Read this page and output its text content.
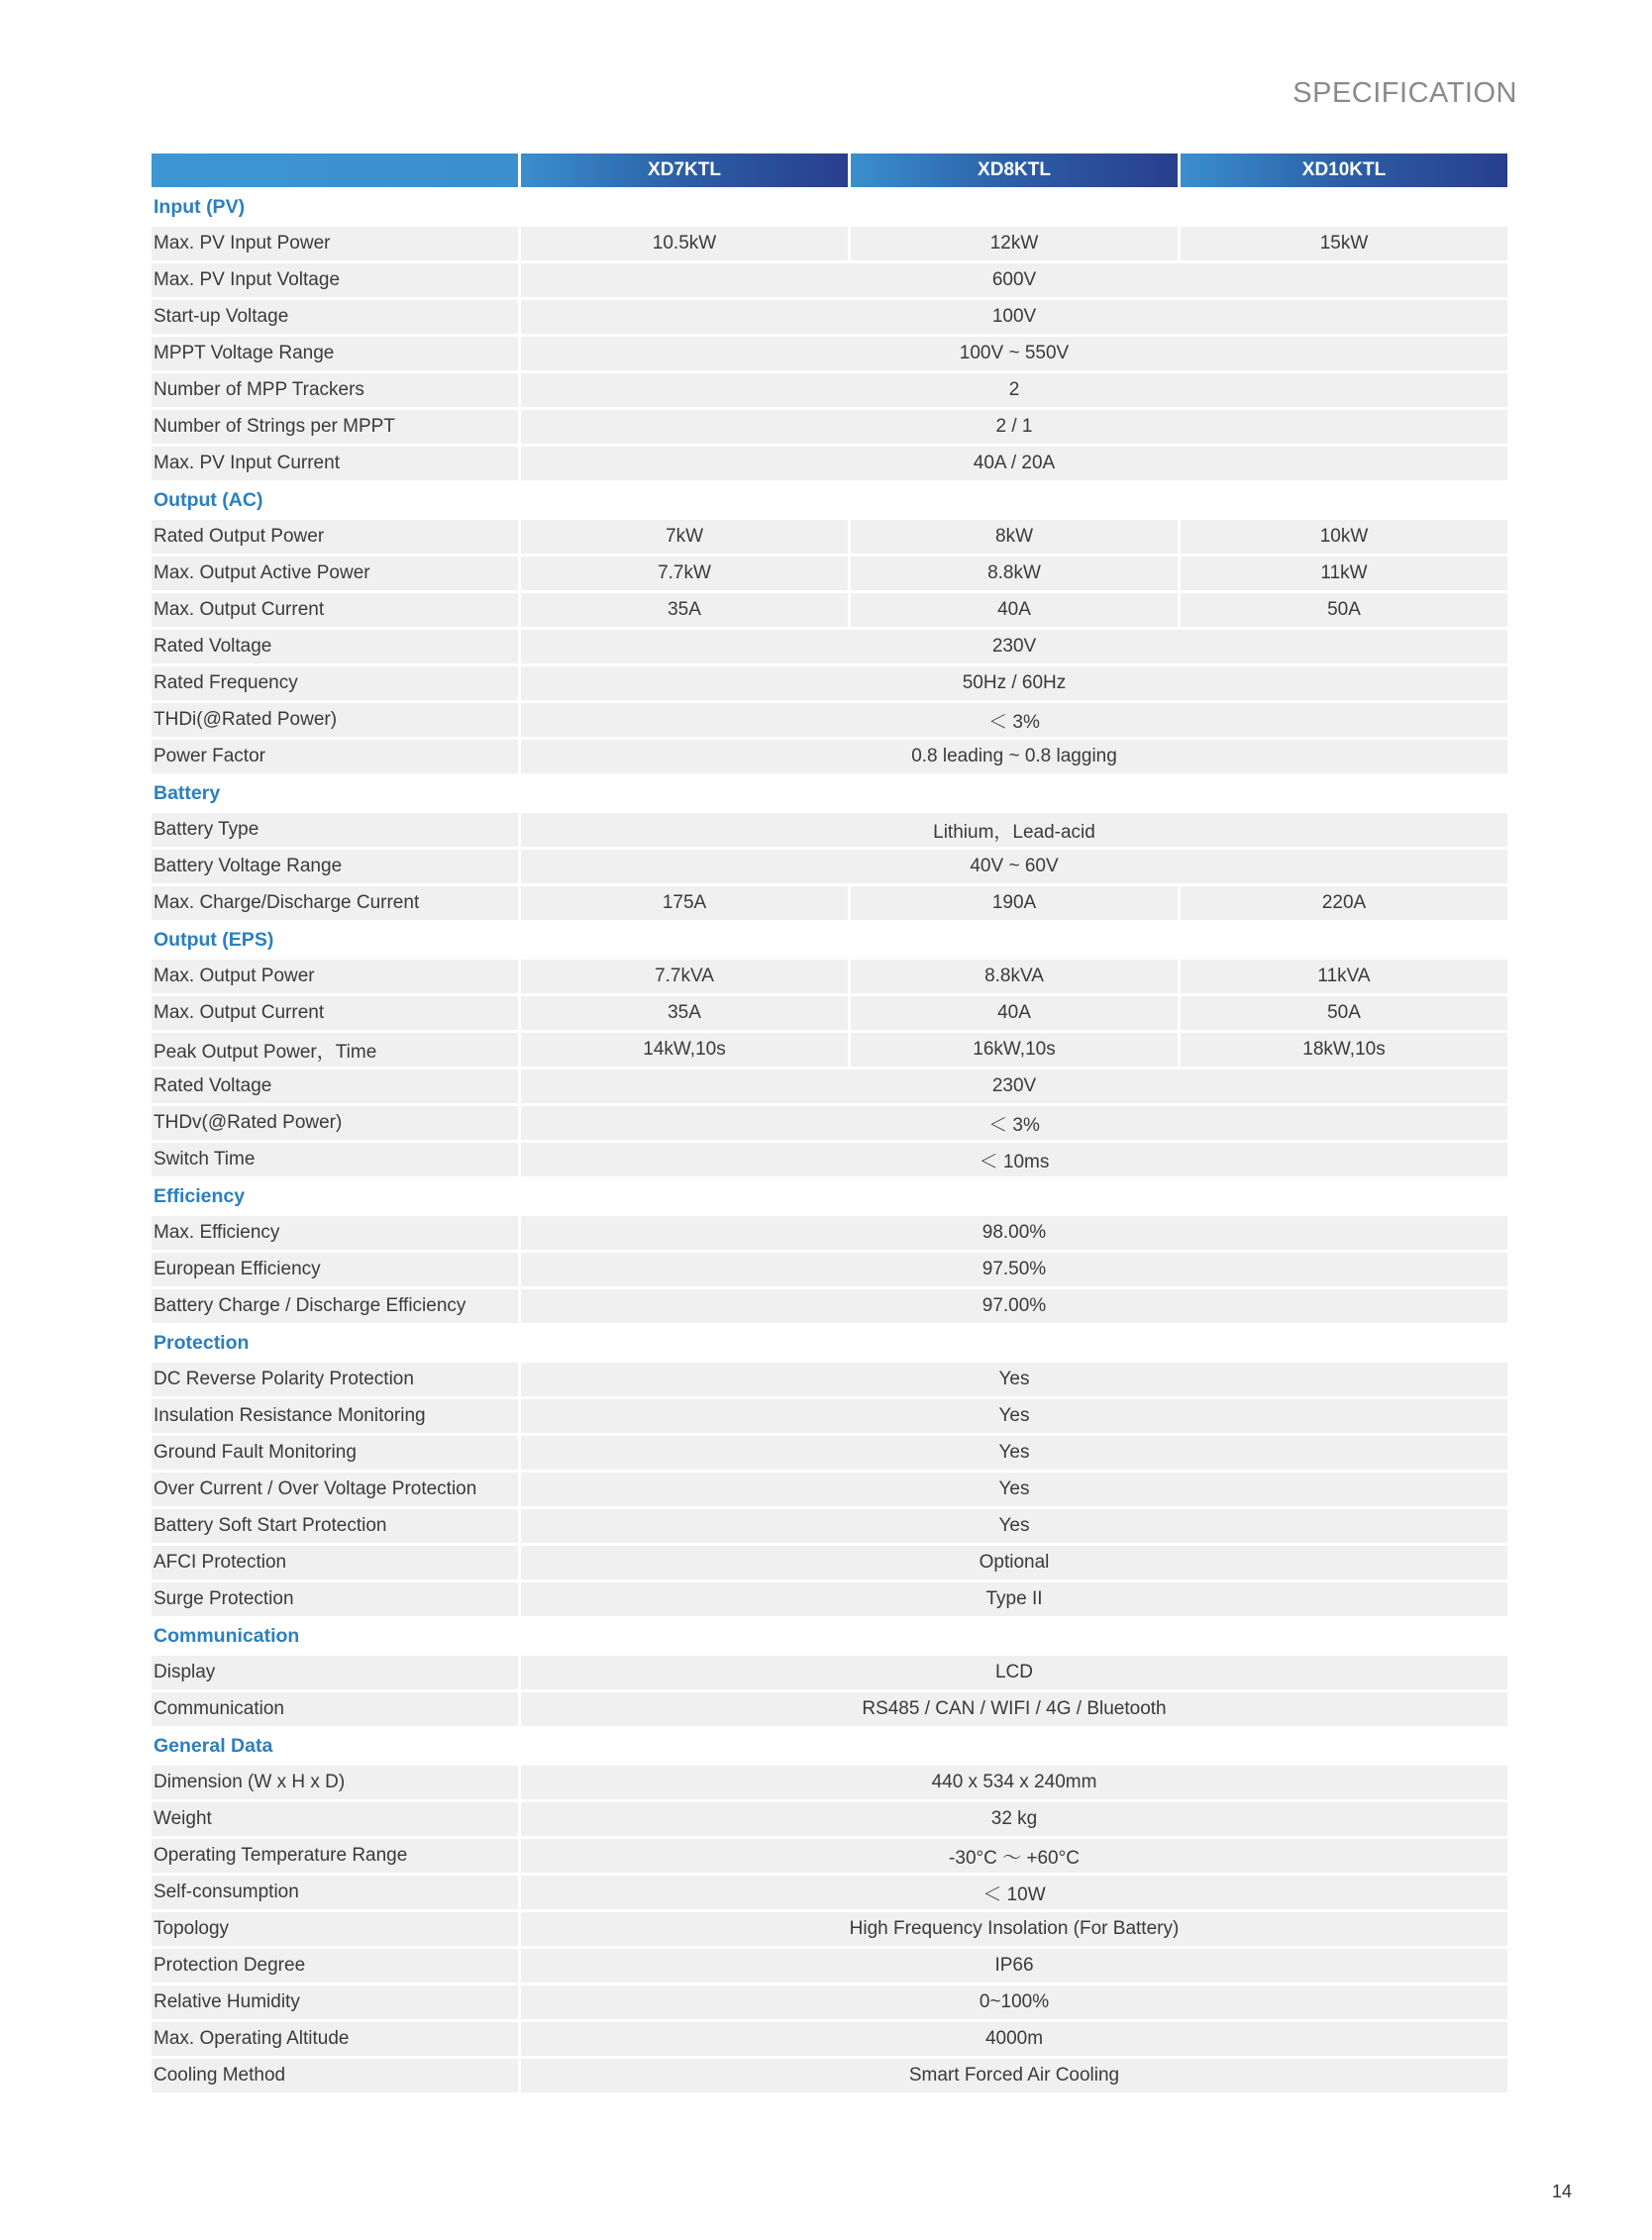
SPECIFICATION
	XD7KTL	XD8KTL	XD10KTL
Input (PV)			
Max. PV Input Power	10.5kW	12kW	15kW
Max. PV Input Voltage	600V		
Start-up Voltage	100V		
MPPT Voltage Range	100V ~ 550V		
Number of MPP Trackers	2		
Number of Strings per MPPT	2 / 1		
Max. PV Input Current	40A / 20A		
Output (AC)			
Rated Output Power	7kW	8kW	10kW
Max. Output Active Power	7.7kW	8.8kW	11kW
Max. Output Current	35A	40A	50A
Rated Voltage	230V		
Rated Frequency	50Hz / 60Hz		
THDi(@Rated Power)	＜ 3%		
Power Factor	0.8 leading ~ 0.8 lagging		
Battery			
Battery Type	Lithium，Lead-acid		
Battery Voltage Range	40V ~ 60V		
Max. Charge/Discharge Current	175A	190A	220A
Output (EPS)			
Max. Output Power	7.7kVA	8.8kVA	11kVA
Max. Output Current	35A	40A	50A
Peak Output Power，Time	14kW,10s	16kW,10s	18kW,10s
Rated Voltage	230V		
THDv(@Rated Power)	＜ 3%		
Switch Time	＜ 10ms		
Efficiency			
Max. Efficiency	98.00%		
European Efficiency	97.50%		
Battery Charge / Discharge Efficiency	97.00%		
Protection			
DC Reverse Polarity Protection	Yes		
Insulation Resistance Monitoring	Yes		
Ground Fault Monitoring	Yes		
Over Current / Over Voltage Protection	Yes		
Battery Soft Start Protection	Yes		
AFCI Protection	Optional		
Surge Protection	Type II		
Communication			
Display	LCD		
Communication	RS485 / CAN / WIFI / 4G / Bluetooth		
General Data			
Dimension (W x H x D)	440 x 534 x 240mm		
Weight	32 kg		
Operating Temperature Range	-30°C ～ +60°C		
Self-consumption	＜ 10W		
Topology	High Frequency Insolation (For Battery)		
Protection Degree	IP66		
Relative Humidity	0~100%		
Max. Operating Altitude	4000m		
Cooling Method	Smart Forced Air Cooling		
14
